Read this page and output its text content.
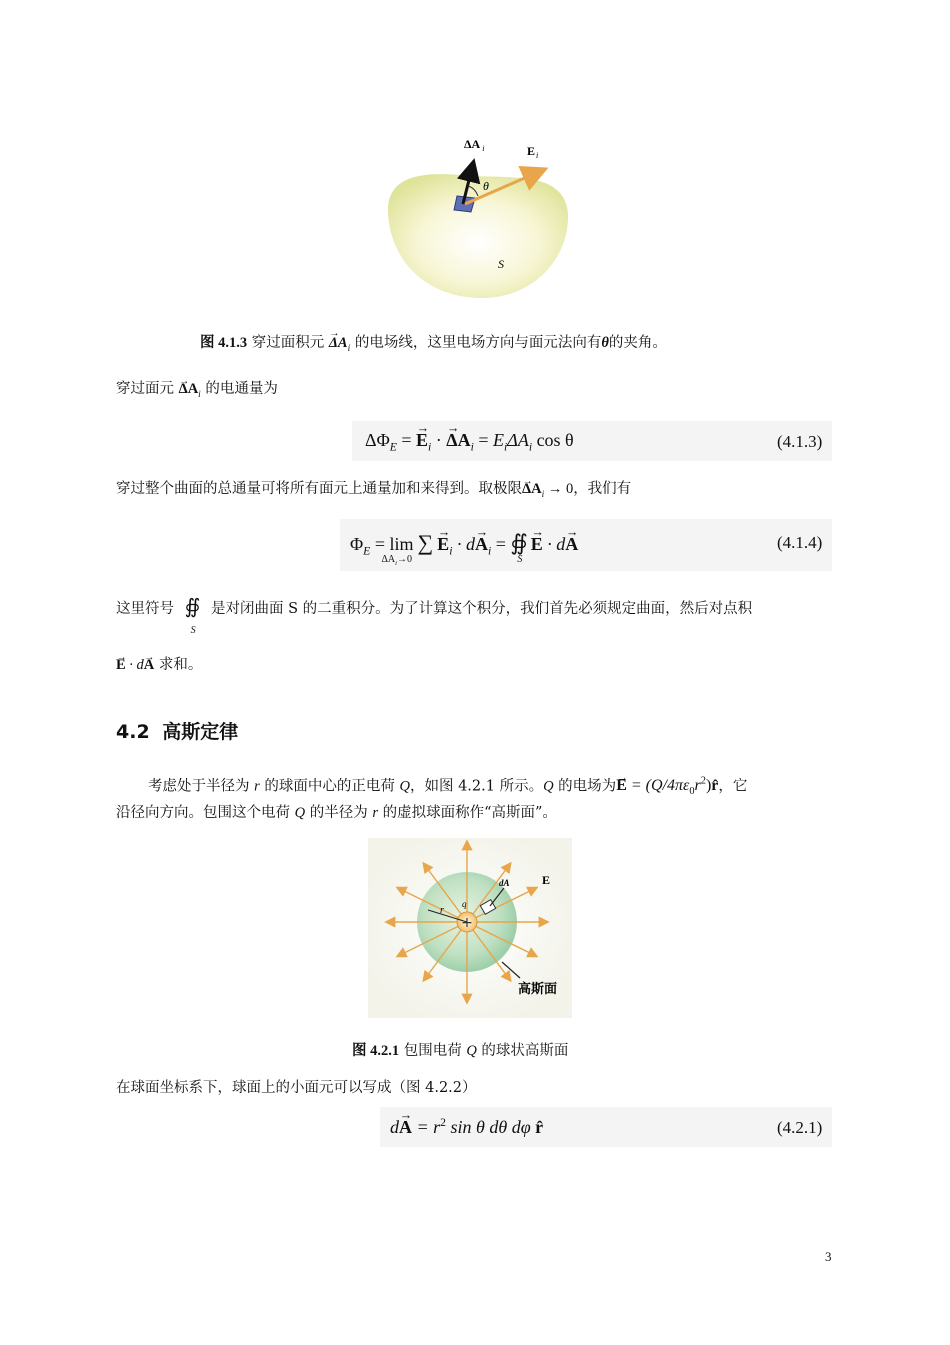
ΔA $_i$	$E_i$
θ
S
图 4.1.3 穿过面积元 → $\Delta A_i$ 的电场线，这里电场方向与面元法向有θ的夹角。
穿过面元 → $\Delta A_i$ 的电通量为
$\Delta\Phi_E$ = → $E_i$ · → $\Delta A_i = E_i\Delta A_i$ cos θ	(4.1.3)
穿过整个曲面的总通量可将所有面元上通量加和来得到。取极限→ $\Delta A_i \to 0$，我们有
$\Phi_E = \lim$
$\Delta A_i\to 0$
∑ → $E_i \cdot d\to A_i$ = ∯
S
→ E · d→ A	(4.1.4)
这里符号 ∯
S
是对闭曲面 S 的二重积分。为了计算这个积分，我们首先必须规定曲面，然后对点积
→ E · d→ A 求和。
4.2 高斯定律
考虑处于半径为 r 的球面中心的正电荷 Q，如图 4.2.1 所示。Q 的电场为→ $E = (Q/4\pi\varepsilon_0r^2)r̂$，它
沿径向方向。包围这个电荷 Q 的半径为 r 的虚拟球面称作“高斯面”。
+
r
q
dA	E
高斯面
图 4.2.1 包围电荷 Q 的球状高斯面
在球面坐标系下，球面上的小面元可以写成（图 4.2.2）
$d\to A = r^2$ sin θ dθ dφ r̂	(4.2.1)
3
